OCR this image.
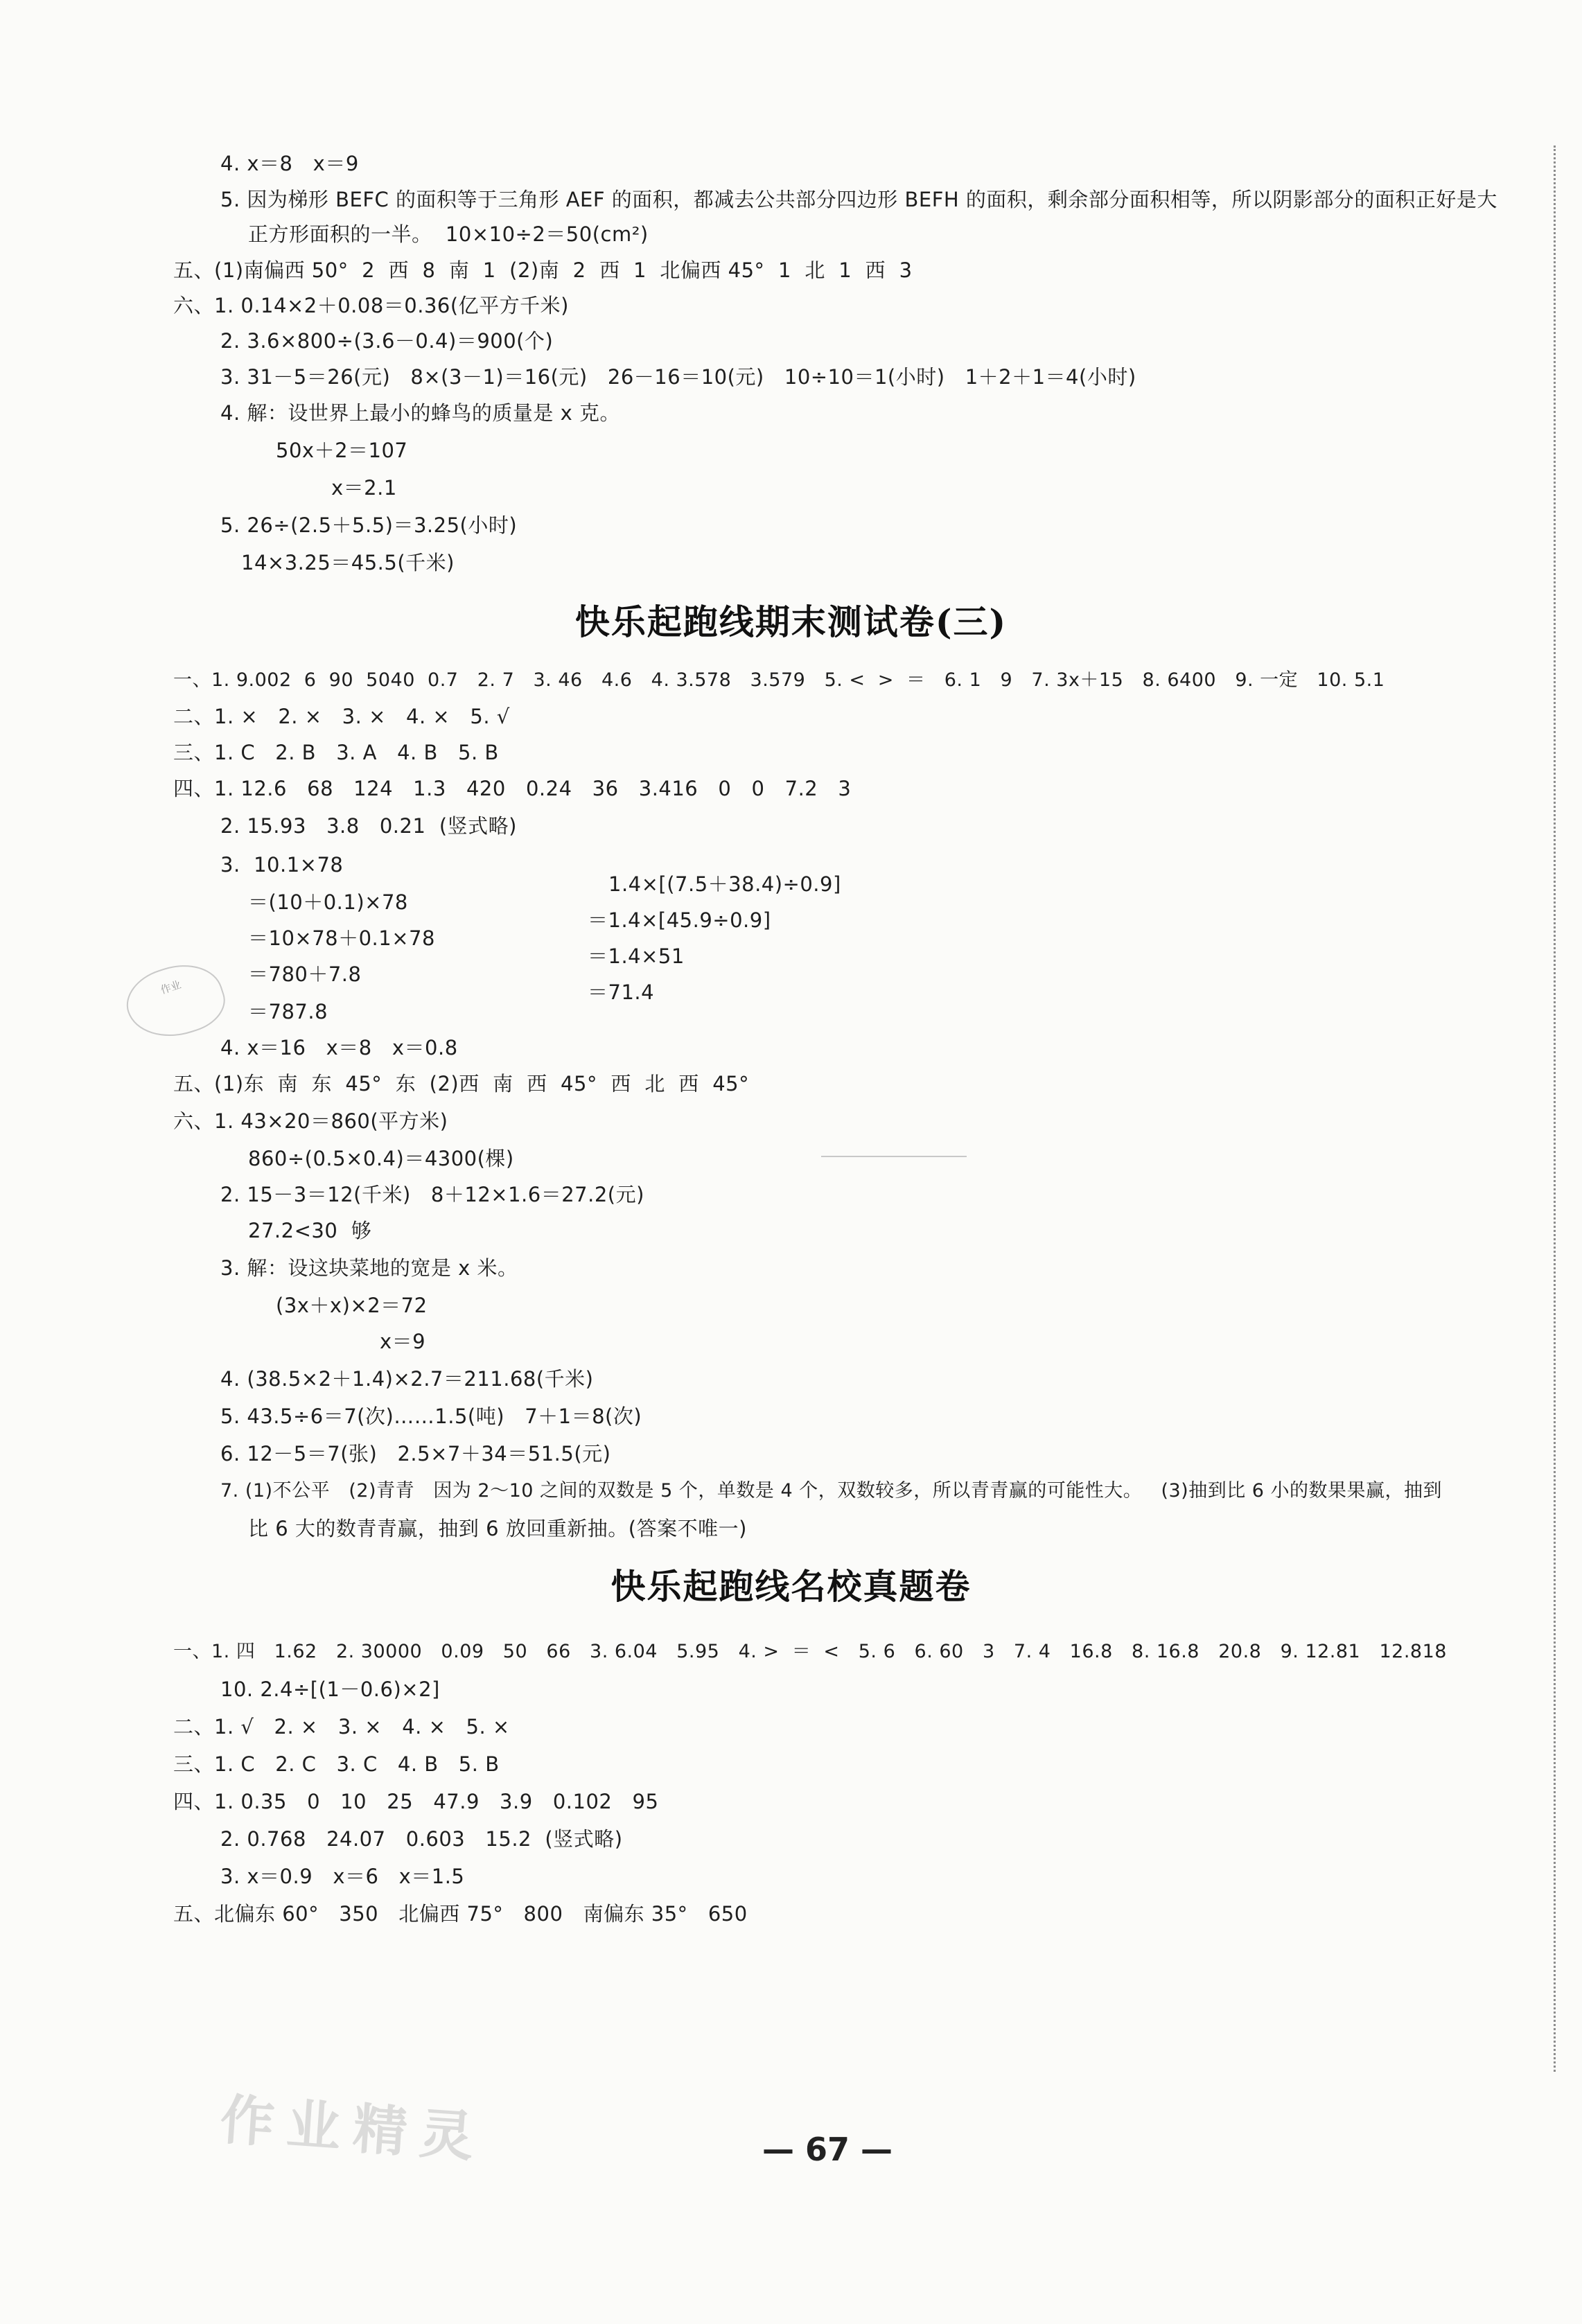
4. x＝8   x＝9
5. 因为梯形 BEFC 的面积等于三角形 AEF 的面积，都减去公共部分四边形 BEFH 的面积，剩余部分面积相等，所以阴影部分的面积正好是大
正方形面积的一半。  10×10÷2＝50(cm²)
五、(1)南偏西 50°  2  西  8  南  1  (2)南  2  西  1  北偏西 45°  1  北  1  西  3
六、1. 0.14×2＋0.08＝0.36(亿平方千米)
2. 3.6×800÷(3.6－0.4)＝900(个)
3. 31－5＝26(元)   8×(3－1)＝16(元)   26－16＝10(元)   10÷10＝1(小时)   1＋2＋1＝4(小时)
4. 解：设世界上最小的蜂鸟的质量是 x 克。
50x＋2＝107
x＝2.1
5. 26÷(2.5＋5.5)＝3.25(小时)
14×3.25＝45.5(千米)
快乐起跑线期末测试卷(三)
一、1. 9.002  6  90  5040  0.7   2. 7   3. 46   4.6   4. 3.578   3.579   5. <  >  ＝   6. 1   9   7. 3x＋15   8. 6400   9. 一定   10. 5.1
二、1. ×   2. ×   3. ×   4. ×   5. √
三、1. C   2. B   3. A   4. B   5. B
四、1. 12.6   68   124   1.3   420   0.24   36   3.416   0   0   7.2   3
2. 15.93   3.8   0.21  (竖式略)
3.  10.1×78
＝(10＋0.1)×78
＝10×78＋0.1×78
＝780＋7.8
＝787.8
1.4×[(7.5＋38.4)÷0.9]
＝1.4×[45.9÷0.9]
＝1.4×51
＝71.4
4. x＝16   x＝8   x＝0.8
五、(1)东  南  东  45°  东  (2)西  南  西  45°  西  北  西  45°
六、1. 43×20＝860(平方米)
860÷(0.5×0.4)＝4300(棵)
2. 15－3＝12(千米)   8＋12×1.6＝27.2(元)
27.2<30  够
3. 解：设这块菜地的宽是 x 米。
(3x＋x)×2＝72
x＝9
4. (38.5×2＋1.4)×2.7＝211.68(千米)
5. 43.5÷6＝7(次)……1.5(吨)   7＋1＝8(次)
6. 12－5＝7(张)   2.5×7＋34＝51.5(元)
7. (1)不公平   (2)青青   因为 2～10 之间的双数是 5 个，单数是 4 个，双数较多，所以青青赢的可能性大。   (3)抽到比 6 小的数果果赢，抽到
比 6 大的数青青赢，抽到 6 放回重新抽。(答案不唯一)
作业
快乐起跑线名校真题卷
一、1. 四   1.62   2. 30000   0.09   50   66   3. 6.04   5.95   4. >  ＝  <   5. 6   6. 60   3   7. 4   16.8   8. 16.8   20.8   9. 12.81   12.818
10. 2.4÷[(1－0.6)×2]
二、1. √   2. ×   3. ×   4. ×   5. ×
三、1. C   2. C   3. C   4. B   5. B
四、1. 0.35   0   10   25   47.9   3.9   0.102   95
2. 0.768   24.07   0.603   15.2  (竖式略)
3. x＝0.9   x＝6   x＝1.5
五、北偏东 60°   350   北偏西 75°   800   南偏东 35°   650
作业精灵	— 67 —
